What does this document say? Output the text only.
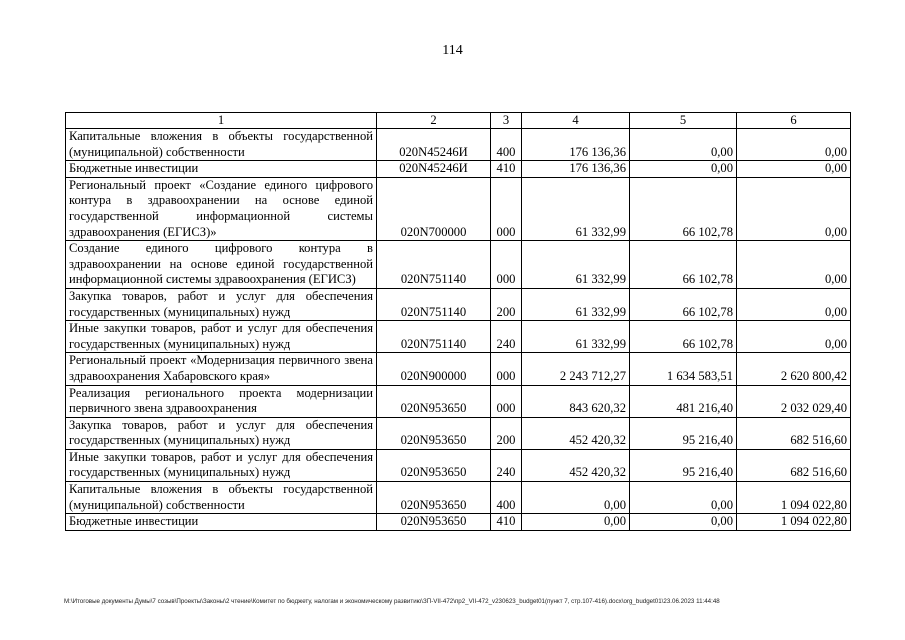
114
1	2	3	4	5	6
Капитальные вложения в объекты государственной (муниципальной) собственности	020N45246И	400	176 136,36	0,00	0,00
Бюджетные инвестиции	020N45246И	410	176 136,36	0,00	0,00
Региональный проект «Создание единого цифрового контура в здравоохранении на основе единой государственной информационной системы здравоохранения (ЕГИСЗ)»	020N700000	000	61 332,99	66 102,78	0,00
Создание единого цифрового контура в здравоохранении на основе единой государственной информационной системы здравоохранения (ЕГИСЗ)	020N751140	000	61 332,99	66 102,78	0,00
Закупка товаров, работ и услуг для обеспечения государственных (муниципальных) нужд	020N751140	200	61 332,99	66 102,78	0,00
Иные закупки товаров, работ и услуг для обеспечения государственных (муниципальных) нужд	020N751140	240	61 332,99	66 102,78	0,00
Региональный проект «Модернизация первичного звена здравоохранения Хабаровского края»	020N900000	000	2 243 712,27	1 634 583,51	2 620 800,42
Реализация регионального проекта модернизации первичного звена здравоохранения	020N953650	000	843 620,32	481 216,40	2 032 029,40
Закупка товаров, работ и услуг для обеспечения государственных (муниципальных) нужд	020N953650	200	452 420,32	95 216,40	682 516,60
Иные закупки товаров, работ и услуг для обеспечения государственных (муниципальных) нужд	020N953650	240	452 420,32	95 216,40	682 516,60
Капитальные вложения в объекты государственной (муниципальной) собственности	020N953650	400	0,00	0,00	1 094 022,80
Бюджетные инвестиции	020N953650	410	0,00	0,00	1 094 022,80
M:\Итоговые документы Думы\7 созыв\Проекты\Законы\2 чтение\Комитет по бюджету, налогам и экономическому развитию\ЗП-VII-472\пр2_VII-472_v230623_budget01(пункт 7, стр.107-416).docx\org_budget01\23.06.2023 11:44:48
